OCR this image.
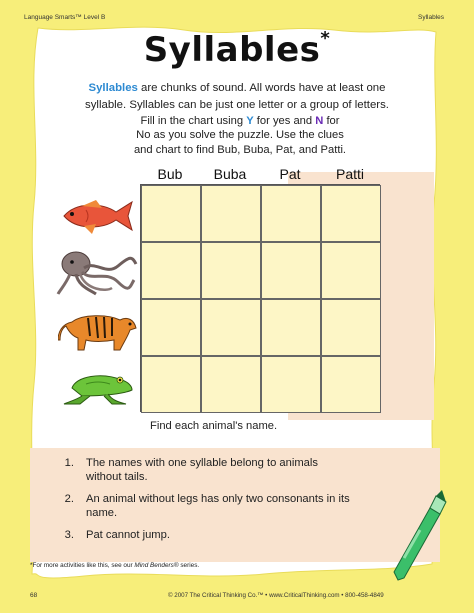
Language Smarts™ Level B	Syllables
Syllables*
Syllables are chunks of sound. All words have at least one
syllable. Syllables can be just one letter or a group of letters.
Fill in the chart using Y for yes and N for
No as you solve the puzzle. Use the clues
and chart to find Bub, Buba, Pat, and Patti.
Bub	Buba	Pat	Patti
Find each animal's name.
1. The names with one syllable belong to animals
without tails.
2. An animal without legs has only two consonants in its
name.
3. Pat cannot jump.
*For more activities like this, see our Mind Benders® series.
68	© 2007 The Critical Thinking Co.™ • www.CriticalThinking.com • 800-458-4849
